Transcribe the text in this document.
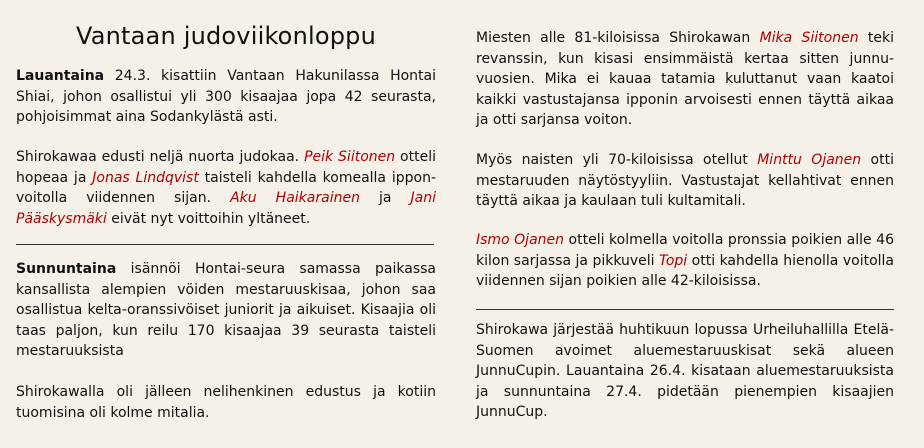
Vantaan judoviikonloppu

Lauantaina 24.3. kisattiin Vantaan Hakunilassa Hontai Shiai, johon osallistui yli 300 kisaajaa jopa 42 seurasta, pohjoisimmat aina Sodankylästä asti.

Shirokawaa edusti neljä nuorta judokaa. Peik Siitonen otteli hopeaa ja Jonas Lindqvist taisteli kahdella komealla ippon-voitolla viidennen sijan. Aku Haikarainen ja Jani Pääskysmäki eivät nyt voittoihin yltäneet.

Sunnuntaina isännöi Hontai-seura samassa paikassa kansallista alempien vöiden mestaruuskisaa, johon saa osallistua kelta-oranssivöiset juniorit ja aikuiset. Kisaajia oli taas paljon, kun reilu 170 kisaajaa 39 seurasta taisteli mestaruuksista

Shirokawalla oli jälleen nelihenkinen edustus ja kotiin tuomisina oli kolme mitalia.

Miesten alle 81-kiloisissa Shirokawan Mika Siitonen teki revanssin, kun kisasi ensimmäistä kertaa sitten junnu-vuosien. Mika ei kauaa tatamia kuluttanut vaan kaatoi kaikki vastustajansa ipponin arvoisesti ennen täyttä aikaa ja otti sarjansa voiton.

Myös naisten yli 70-kiloisissa otellut Minttu Ojanen otti mestaruuden näytöstyyliin. Vastustajat kellahtivat ennen täyttä aikaa ja kaulaan tuli kultamitali.

Ismo Ojanen otteli kolmella voitolla pronssia poikien alle 46 kilon sarjassa ja pikkuveli Topi otti kahdella hienolla voitolla viidennen sijan poikien alle 42-kiloisissa.

Shirokawa järjestää huhtikuun lopussa Urheiluhallilla Etelä-Suomen avoimet aluemestaruuskisat sekä alueen JunnuCupin. Lauantaina 26.4. kisataan aluemestaruuksista ja sunnuntaina 27.4. pidetään pienempien kisaajien JunnuCup.
